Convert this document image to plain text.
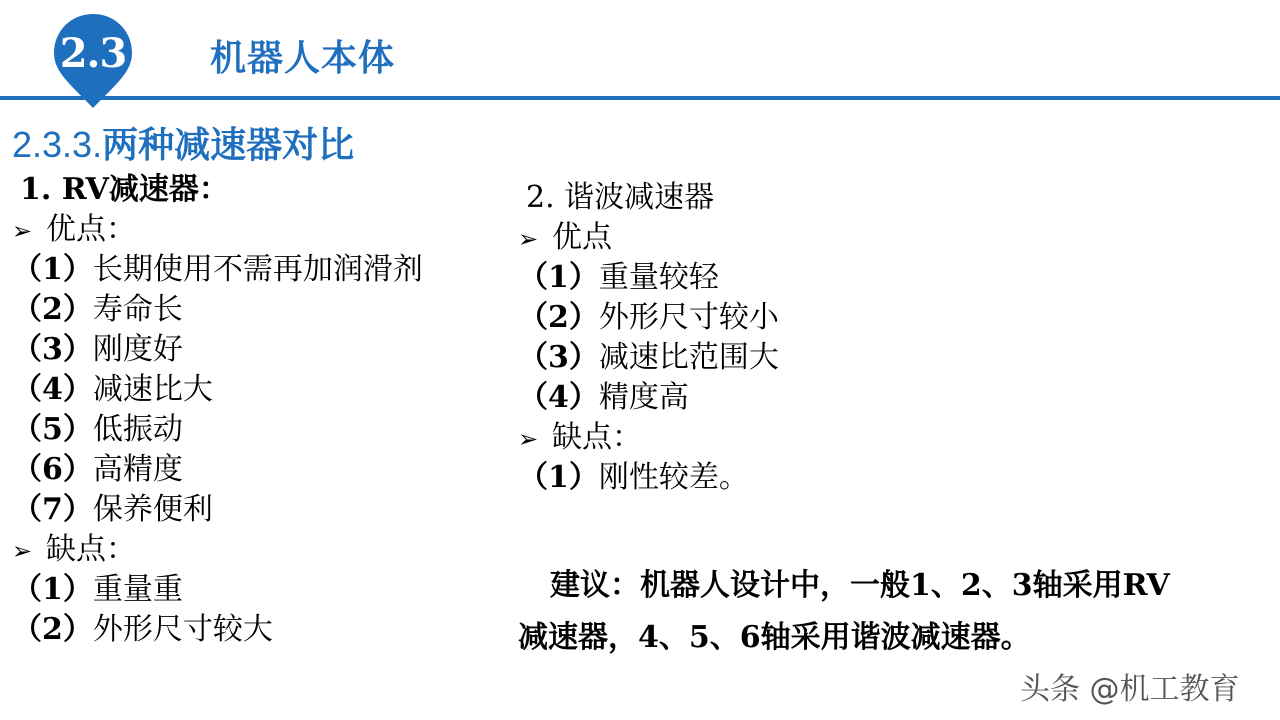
2.3 机器人本体
2.3.3.两种减速器对比
1. RV减速器：
➢ 优点：
（1）长期使用不需再加润滑剂
（2）寿命长
（3）刚度好
（4）减速比大
（5）低振动
（6）高精度
（7）保养便利
➢ 缺点：
（1）重量重
（2）外形尺寸较大
2. 谐波减速器
➢ 优点
（1）重量较轻
（2）外形尺寸较小
（3）减速比范围大
（4）精度高
➢ 缺点：
（1）刚性较差。
建议：机器人设计中，一般1、2、3轴采用RV
减速器，4、5、6轴采用谐波减速器。
头条 @机工教育
